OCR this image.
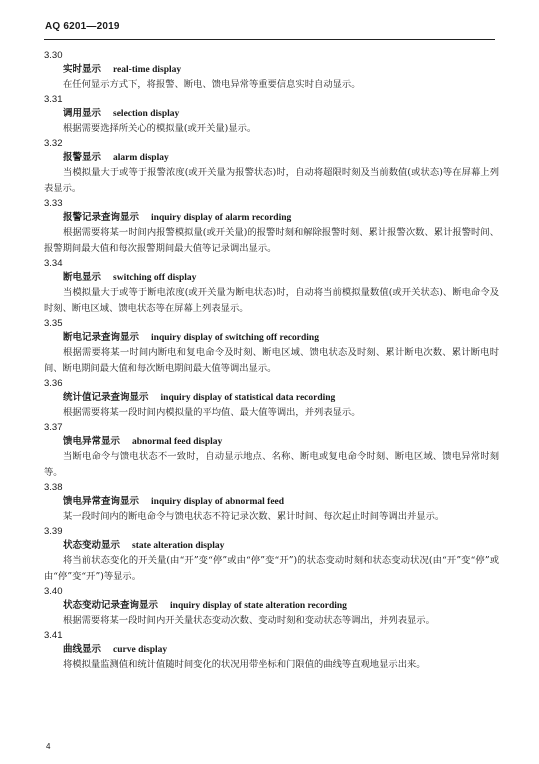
AQ 6201—2019
3.30
实时显示 real-time display
在任何显示方式下，将报警、断电、馈电异常等重要信息实时自动显示。
3.31
调用显示 selection display
根据需要选择所关心的模拟量(或开关量)显示。
3.32
报警显示 alarm display
当模拟量大于或等于报警浓度(或开关量为报警状态)时，自动将超限时刻及当前数值(或状态)等在屏幕上列表显示。
3.33
报警记录查询显示 inquiry display of alarm recording
根据需要将某一时间内报警模拟量(或开关量)的报警时刻和解除报警时刻、累计报警次数、累计报警时间、报警期间最大值和每次报警期间最大值等记录调出显示。
3.34
断电显示 switching off display
当模拟量大于或等于断电浓度(或开关量为断电状态)时，自动将当前模拟量数值(或开关状态)、断电命令及时刻、断电区域、馈电状态等在屏幕上列表显示。
3.35
断电记录查询显示 inquiry display of switching off recording
根据需要将某一时间内断电和复电命令及时刻、断电区域、馈电状态及时刻、累计断电次数、累计断电时间、断电期间最大值和每次断电期间最大值等调出显示。
3.36
统计值记录查询显示 inquiry display of statistical data recording
根据需要将某一段时间内模拟量的平均值、最大值等调出，并列表显示。
3.37
馈电异常显示 abnormal feed display
当断电命令与馈电状态不一致时，自动显示地点、名称、断电或复电命令时刻、断电区域、馈电异常时刻等。
3.38
馈电异常查询显示 inquiry display of abnormal feed
某一段时间内的断电命令与馈电状态不符记录次数、累计时间、每次起止时间等调出并显示。
3.39
状态变动显示 state alteration display
将当前状态变化的开关量(由“开”变“停”或由“停”变“开”)的状态变动时刻和状态变动状况(由“开”变“停”或由“停”变“开”)等显示。
3.40
状态变动记录查询显示 inquiry display of state alteration recording
根据需要将某一段时间内开关量状态变动次数、变动时刻和变动状态等调出，并列表显示。
3.41
曲线显示 curve display
将模拟量监测值和统计值随时间变化的状况用带坐标和门限值的曲线等直观地显示出来。
4
